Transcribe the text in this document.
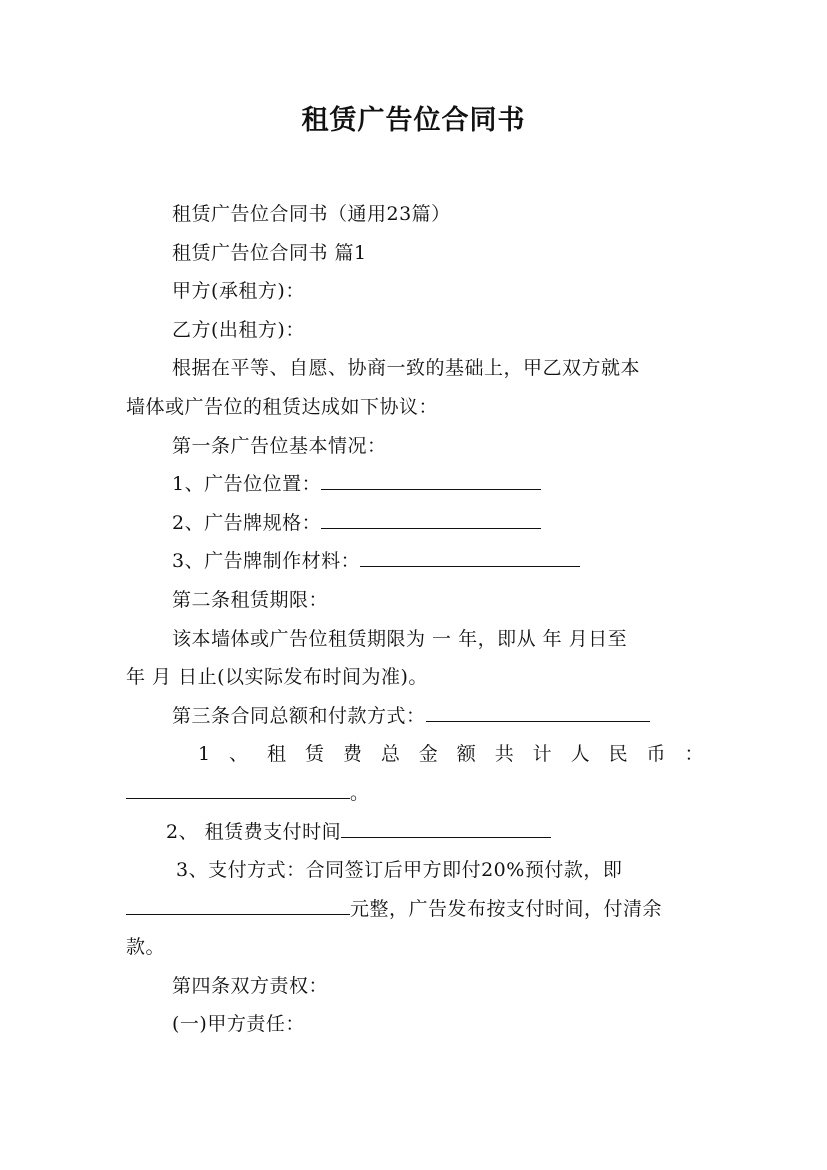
租赁广告位合同书
租赁广告位合同书（通用23篇）
租赁广告位合同书 篇1
甲方(承租方)：
乙方(出租方)：
根据在平等、自愿、协商一致的基础上，甲乙双方就本
墙体或广告位的租赁达成如下协议：
第一条广告位基本情况：
1、广告位位置：
2、广告牌规格：
3、广告牌制作材料：
第二条租赁期限：
该本墙体或广告位租赁期限为 一 年，即从 年 月日至
年 月 日止(以实际发布时间为准)。
第三条合同总额和付款方式：
1 、 租 赁 费 总 金 额 共 计 人 民 币 ：
。
2、 租赁费支付时间
3、支付方式：合同签订后甲方即付20%预付款，即
元整，广告发布按支付时间，付清余
款。
第四条双方责权：
(一)甲方责任：
